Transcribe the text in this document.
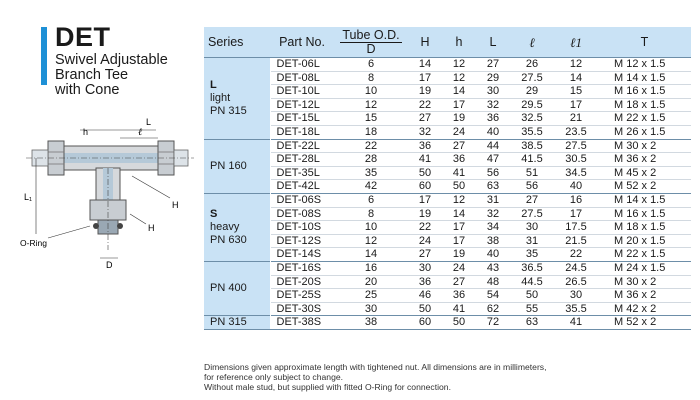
DET
Swivel Adjustable
Branch Tee
with Cone
h	ℓ
L
H
L₁
H
O-Ring
D
Series	Part No.	Tube O.D.
D	H	h	L	ℓ	ℓ1	T

L
light
PN 315	DET-06L	6	14	12	27	26	12	M 12 x 1.5
	DET-08L	8	17	12	29	27.5	14	M 14 x 1.5
	DET-10L	10	19	14	30	29	15	M 16 x 1.5
	DET-12L	12	22	17	32	29.5	17	M 18 x 1.5
	DET-15L	15	27	19	36	32.5	21	M 22 x 1.5
	DET-18L	18	32	24	40	35.5	23.5	M 26 x 1.5

PN 160	DET-22L	22	36	27	44	38.5	27.5	M 30 x 2
	DET-28L	28	41	36	47	41.5	30.5	M 36 x 2
	DET-35L	35	50	41	56	51	34.5	M 45 x 2
	DET-42L	42	60	50	63	56	40	M 52 x 2

S
heavy
PN 630	DET-06S	6	17	12	31	27	16	M 14 x 1.5
	DET-08S	8	19	14	32	27.5	17	M 16 x 1.5
	DET-10S	10	22	17	34	30	17.5	M 18 x 1.5
	DET-12S	12	24	17	38	31	21.5	M 20 x 1.5
	DET-14S	14	27	19	40	35	22	M 22 x 1.5

PN 400	DET-16S	16	30	24	43	36.5	24.5	M 24 x 1.5
	DET-20S	20	36	27	48	44.5	26.5	M 30 x 2
	DET-25S	25	46	36	54	50	30	M 36 x 2
	DET-30S	30	50	41	62	55	35.5	M 42 x 2

PN 315	DET-38S	38	60	50	72	63	41	M 52 x 2
Dimensions given approximate length with tightened nut. All dimensions are in millimeters,
for reference only subject to change.
Without male stud, but supplied with fitted O-Ring for connection.
